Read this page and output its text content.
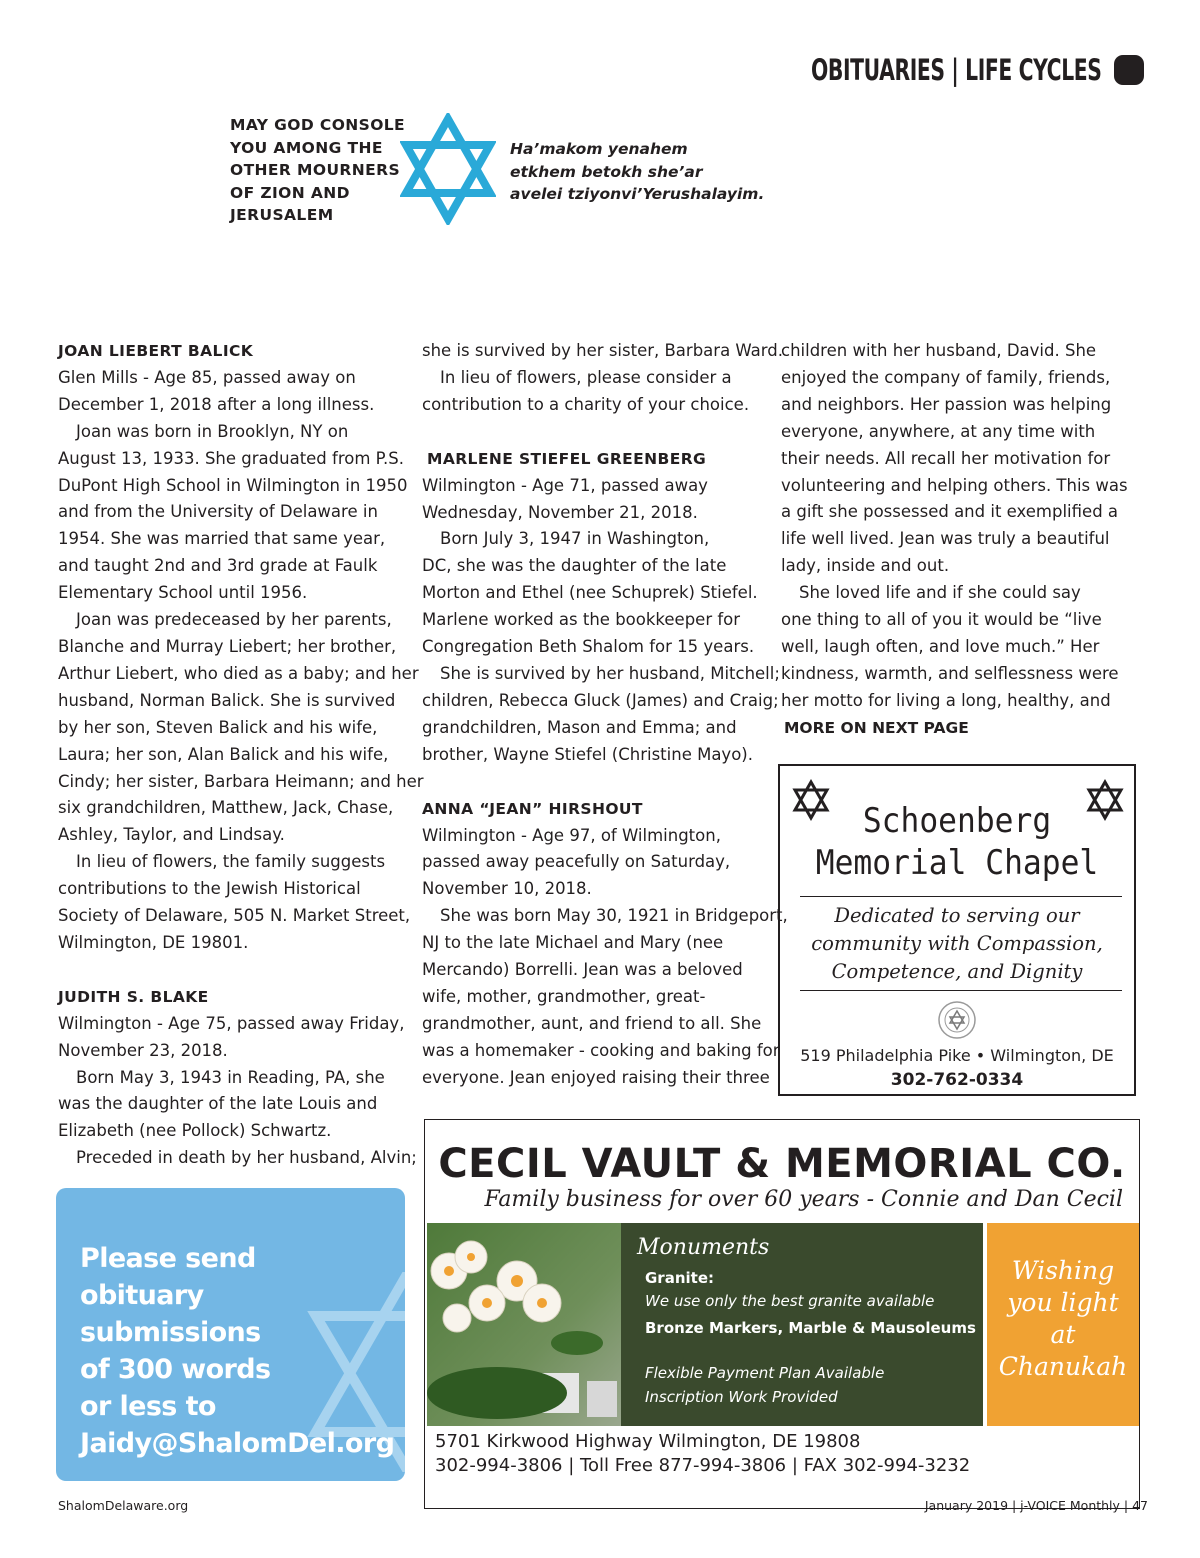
OBITUARIES | LIFE CYCLES
MAY GOD CONSOLE
YOU AMONG THE
OTHER MOURNERS
OF ZION AND
JERUSALEM
Ha’makom yenahem
etkhem betokh she’ar
avelei tziyonvi’Yerushalayim.

JOAN LIEBERT BALICK

Glen Mills - Age 85, passed away on

December 1, 2018 after a long illness.

Joan was born in Brooklyn, NY on

August 13, 1933. She graduated from P.S.

DuPont High School in Wilmington in 1950

and from the University of Delaware in

1954. She was married that same year,

and taught 2nd and 3rd grade at Faulk

Elementary School until 1956.

Joan was predeceased by her parents,

Blanche and Murray Liebert; her brother,

Arthur Liebert, who died as a baby; and her

husband, Norman Balick. She is survived

by her son, Steven Balick and his wife,

Laura; her son, Alan Balick and his wife,

Cindy; her sister, Barbara Heimann; and her

six grandchildren, Matthew, Jack, Chase,

Ashley, Taylor, and Lindsay.

In lieu of flowers, the family suggests

contributions to the Jewish Historical

Society of Delaware, 505 N. Market Street,

Wilmington, DE 19801.

JUDITH S. BLAKE

Wilmington - Age 75, passed away Friday,

November 23, 2018.

Born May 3, 1943 in Reading, PA, she

was the daughter of the late Louis and

Elizabeth (nee Pollock) Schwartz.

Preceded in death by her husband, Alvin;

she is survived by her sister, Barbara Ward.

In lieu of flowers, please consider a

contribution to a charity of your choice.

MARLENE STIEFEL GREENBERG

Wilmington - Age 71, passed away

Wednesday, November 21, 2018.

Born July 3, 1947 in Washington,

DC, she was the daughter of the late

Morton and Ethel (nee Schuprek) Stiefel.

Marlene worked as the bookkeeper for

Congregation Beth Shalom for 15 years.

She is survived by her husband, Mitchell;

children, Rebecca Gluck (James) and Craig;

grandchildren, Mason and Emma; and

brother, Wayne Stiefel (Christine Mayo).

ANNA “JEAN” HIRSHOUT

Wilmington - Age 97, of Wilmington,

passed away peacefully on Saturday,

November 10, 2018.

She was born May 30, 1921 in Bridgeport,

NJ to the late Michael and Mary (nee

Mercando) Borrelli. Jean was a beloved

wife, mother, grandmother, great-

grandmother, aunt, and friend to all. She

was a homemaker - cooking and baking for

everyone. Jean enjoyed raising their three

children with her husband, David. She

enjoyed the company of family, friends,

and neighbors. Her passion was helping

everyone, anywhere, at any time with

their needs. All recall her motivation for

volunteering and helping others. This was

a gift she possessed and it exemplified a

life well lived. Jean was truly a beautiful

lady, inside and out.

She loved life and if she could say

one thing to all of you it would be “live

well, laugh often, and love much.” Her

kindness, warmth, and selflessness were

her motto for living a long, healthy, and

MORE ON NEXT PAGE

Please send
obituary
submissions
of 300 words
or less to
Jaidy@ShalomDel.org
Schoenberg
Memorial Chapel
Dedicated to serving our
community with Compassion,
Competence, and Dignity
519 Philadelphia Pike • Wilmington, DE
302-762-0334
CECIL VAULT & MEMORIAL CO.
Family business for over 60 years - Connie and Dan Cecil
Monuments
Granite:
We use only the best granite available
Bronze Markers, Marble & Mausoleums
Flexible Payment Plan Available
Inscription Work Provided
Wishing
you light
at
Chanukah
5701 Kirkwood Highway Wilmington, DE 19808
302-994-3806 | Toll Free 877-994-3806 | FAX 302-994-3232
ShalomDelaware.org	January 2019 | j-VOICE Monthly | 47
